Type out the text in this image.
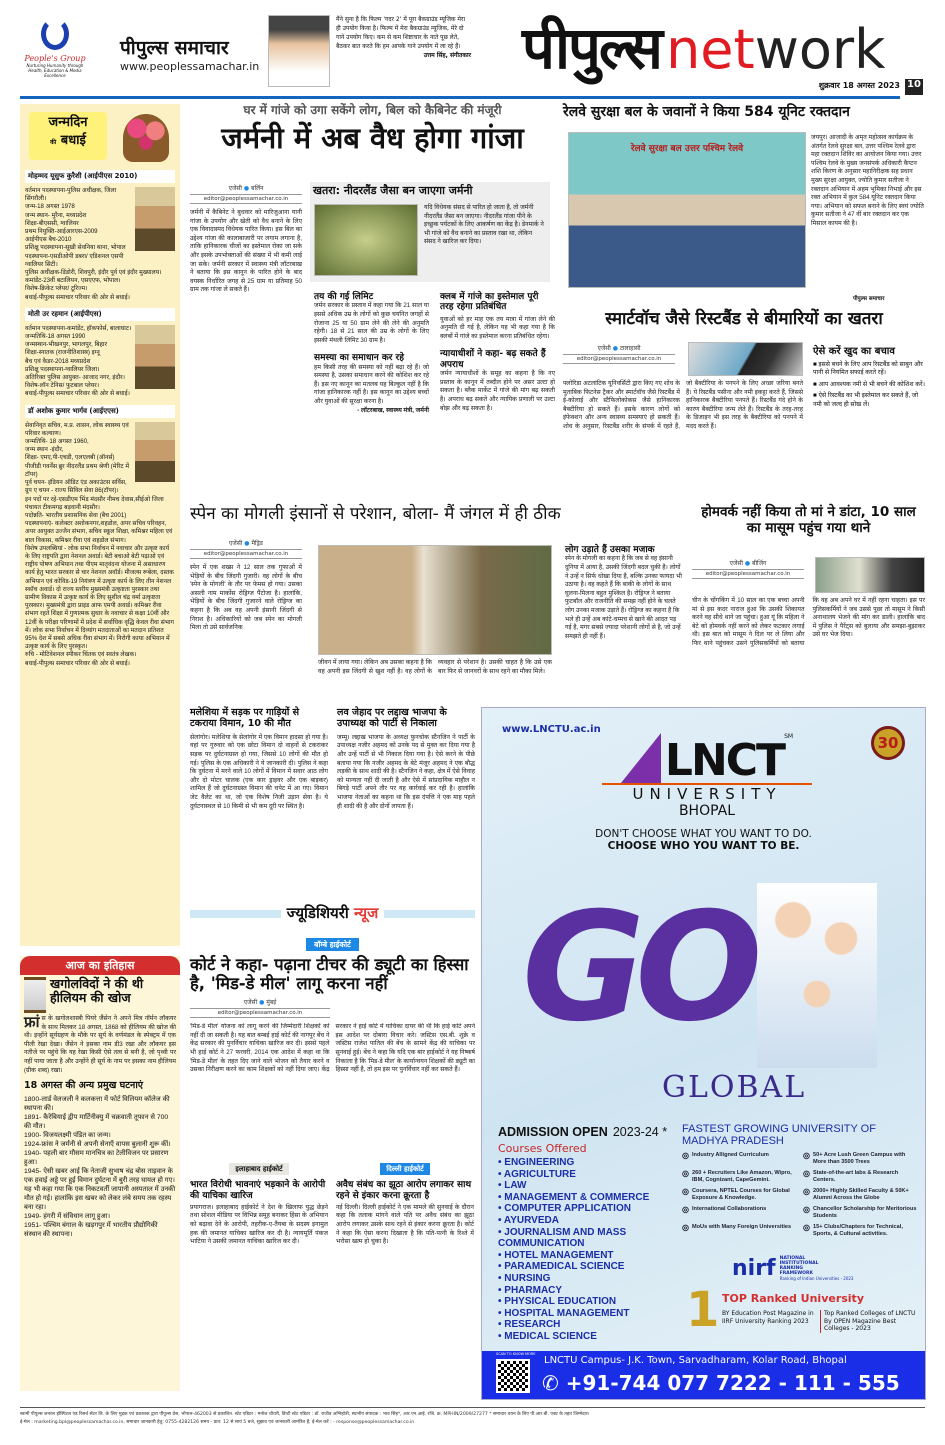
People's Group
Nurturing Humanity through Health, Education & Media Excellence
पीपुल्स समाचार
www.peoplessamachar.in
मैंने सुना है कि फिल्म 'गदर 2' में पूरा बैकग्राउंड म्यूजिक मेरा ही उपयोग किया है। फिल्म में मेरा बैकग्राउंड म्यूजिक, मेरे दो गाने उपयोग किए। कम से कम शिष्टाचार के नाते पूछ लेते, बैठकर बात करते कि हम आपके गाने उपयोग में ला रहे हैं।
उत्तम सिंह, संगीतकार पीपुल्स network
शुक्रवार 18 अगस्त 2023 10
जन्मदिन
की बधाई
मोहम्मद यूसुफ कुरैशी (आईपीएस 2010)
वर्तमान पदस्थापना-पुलिस अधीक्षक, जिला सिंगरौली।
जन्म-18 अगस्त 1978
जन्म स्थान- मुरैना, मध्यप्रदेश
शिक्षा-बीएससी, ग्वालियर
प्रथम नियुक्ति-आईआरएस-2009
आईपीएस बैच-2010
प्रशिक्षु पदस्थापना-सूखी सेवनिया थाना, भोपाल
पदस्थापना-एसडीओपी डबरा/ एडिशनल एसपी ग्वालियर सिटी।
पुलिस अधीक्षक-डिंडोरी, शिवपुरी, इंदौर पूर्व एवं इंदौर मुख्यालय।
कमांडेंट-23वीं बटालियन, एसएएफ, भोपाल।
विशेष-क्रिकेट प्लेयर/ टूरिज्म।
बधाई-पीपुल्स समाचार परिवार की ओर से बधाई।
मोती उर रहमान (आईपीएस)
वर्तमान पदस्थापना-कमांडेंट, हॉकफोर्स, बालाघाट।
जन्मतिथि-18 अगस्त 1990
जन्मस्थान-भीखनपुर, भागलपुर, बिहार
शिक्षा-स्नातक (राजनीतिशास्त्र) इग्नू
बैच एवं कैडर-2018 मध्यप्रदेश
प्रशिक्षु पदस्थापना-ग्वालियर जिला।
अतिरिक्त पुलिस आयुक्त- आजाद नगर, इंदौर।
विशेष-लॉन टेनिस/ फुटबाल प्लेयर।
बधाई-पीपुल्स समाचार परिवार की ओर से बधाई।
डॉ अशोक कुमार भार्गव (आईएएस)
सेवानिवृत सचिव, म.प्र. शासन, लोक स्वास्थ्य एवं परिवार कल्याण।
जन्मतिथि- 18 अगस्त 1960,
जन्म स्थान -इंदौर,
शिक्षा- एमए,पी-एचडी, एलएलबी (ऑनर्स) पीजीडी गवर्नेंस ब्रुर नीदरलैंड प्रथम श्रेणी (मेरिट में टॉपर)
पूर्व चयन- इंडियन ऑडिट एंड अकाउंटस सर्विस, ग्रुप ए चयन - राज्य सिविल सेवा 86(टॉपर)।
इन पदों पर रहे-एसडीएम भिंड मंदसौर नीमच देवास,सीईओ जिला पंचायत टीकमगढ़ बड़वानी मंदसौर।
पदोन्नति- भारतीय प्रशासनिक सेवा (बैच 2001)
पदस्थापनाएं- कलेक्टर अशोकनगर,शहडोल, अपर सचिव परिवहन, अपर आयुक्त उज्जैन संभाग, सचिव स्कूल शिक्षा, कमिश्नर महिला एवं बाल विकास, कमिश्नर रीवा एवं शहडोल संभाग।
विशेष उपलब्धियां - लोक सभा निर्वाचन में नवाचार और उत्कृष्ट कार्य के लिए राष्ट्रपति द्वारा नेशनल अवार्ड। बेटी बचाओ बेटी पढ़ाओ एवं राष्ट्रीय पोषण अभियान तथा पीएम मातृवंदना योजना में असाधारण कार्य हेतु भारत सरकार से चार नेशनल अवॉर्ड। मीजल्स रूबेला, दस्तक अभियान एवं कोविड-19 नियंत्रण में उत्कृष्ट कार्य के लिए तीन नेशनल स्कॉच अवार्ड। दो राज्य स्तरीय मुख्यमंत्री उत्कृष्टता पुरस्कार तथा ग्रामीण विकास में उत्कृष्ट कार्य के लिए सुशील चंद्र वर्मा उत्कृष्टता पुरस्कार। मुख्यमंत्री द्वारा प्राइड आफ एमपी अवार्ड। कमिश्नर रीवा संभाग रहते शिक्षा में गुणात्मक सुधार के नवाचार से कक्षा 10वीं और 12वीं के परीक्षा परिणामों में प्रदेश में सर्वाधिक वृद्धि केवल रीवा संभाग में। लोक सभा निर्वाचन में दिव्यांग मतदाताओं का मतदान प्रतिशत 95% देश में सबसे अधिक रीवा संभाग में। निरोगी काया अभियान में उत्कृष्ट कार्य के लिए पुरस्कृत।
रुचि - मोटिवेशनल स्पीकर चिंतक एवं स्वतंत्र लेखक।
बधाई-पीपुल्स समाचार परिवार की ओर से बधाई।
आज का इतिहास
खगोलविदों ने की थी हीलियम की खोज
फ्रां स के खगोलशास्त्री पियरे जैंसेन ने अपने मित्र नॉर्मन लॉकयर के साथ मिलकर 18 अगस्त, 1868 को हीलियम की खोज की थी। इन्होंने सूर्यग्रहण के मौके पर सूर्य के वर्णमंडल के स्पेक्ट्रम में एक पीली रेखा देखा। जैंसेन ने इसका नाम डी3 रखा और लॉकयर इस नतीजे पर पहुंचे कि यह रेखा किसी ऐसे तत्व से बनी है, जो पृथ्वी पर नहीं पाया जाता है और उन्होंने ही सूर्य के नाम पर इसका नाम हीलियम (ग्रीक शब्द) रखा।
18 अगस्त की अन्य प्रमुख घटनाएं
1800-लार्ड वेलजली ने कलकत्ता में फोर्ट विलियम कॉलेज की स्थापना की।
1891- कैरेबियाई द्वीप मार्टिनीक्यु में चक्रवाती तूफान से 700 की मौत।
1900- विजयलक्ष्मी पंडित का जन्म।
1924-फ्रांस ने जर्मनी से अपनी सेनाएँ वापस बुलानी शुरू कीं।
1940- पहली बार मौसम मानचित्र का टेलीविजन पर प्रसारण हुआ।
1945- ऐसी खबर आई कि नेताजी सुभाष चंद्र बोस ताइवान के एक हवाई अड्डे पर हुई विमान दुर्घटना में बुरी तरह घायल हो गए। यह भी कहा गया कि एक निकटवर्ती जापानी अस्पताल में उनकी मौत हो गई। हालांकि इस खबर को लेकर लंबे समय तक रहस्य बना रहा।
1949- हंगरी में संविधान लागू हुआ।
1951- पश्चिम बंगाल के खड़गपुर में भारतीय प्रौद्योगिकी संस्थान की स्थापना।
घर में गांजे को उगा सकेंगे लोग, बिल को कैबिनेट की मंजूरी
जर्मनी में अब वैध होगा गांजा
एजेंसी ● बर्लिन
editor@peoplessamachar.co.in
जर्मनी में कैबिनेट ने बुधवार को मारिजुआना यानी गांजा के उपयोग और खेती को वैध बनाने के लिए एक विवादास्पद विधेयक पारित किया। इस बिल का उद्देश्य गांजा की कालाबाजारी पर लगाम लगाना है, ताकि हानिकारक चीजों का इस्तेमाल रोका जा सके और इसके उपभोक्ताओं की संख्या में भी कमी लाई जा सके। जर्मनी सरकार में स्वास्थ्य मंत्री लॉटरबाख ने बताया कि इस कानून के पारित होने के बाद वयस्क निर्धारित जगह से 25 ग्राम या प्रतिमाह 50 ग्राम तक गांजा ले सकते हैं।
खतरा: नीदरलैंड जैसा बन जाएगा जर्मनी
यदि विधेयक संसद से पारित हो जाता है, तो जर्मनी नीदरलैंड जैसा बन जाएगा। नीदरलैंड गांजा पीने के इच्छुक पर्यटकों के लिए आकर्षण का केंद्र है। डेनमार्क ने भी गांजे को वैध बनाने का प्रस्ताव रखा था, लेकिन संसद ने खारिज कर दिया।
तय की गई लिमिट
जर्मन सरकार के प्रस्ताव में कहा गया कि 21 साल या इससे अधिक उम्र के लोगों को कुछ चयनित जगहों से रोजाना 25 या 50 ग्राम लेने की लेने की अनुमति रहेगी। 18 से 21 साल की उम्र के लोगों के लिए इसकी मंथली लिमिट 30 ग्राम है।
समस्या का समाधान कर रहे
हम किसी तरह की समस्या को नहीं बढ़ा रहे हैं। जो समस्या है, उसका समाधान करने की कोशिश कर रहे हैं। इस नए कानून का मतलब यह बिल्कुल नहीं है कि गांजा हानिकारक नहीं है। इस कानून का उद्देश्य बच्चों और युवाओं की सुरक्षा करना है।
- लॉटरबाख, स्वास्थ्य मंत्री, जर्मनी
क्लब में गांजे का इस्तेमाल पूरी तरह रहेगा प्रतिबंधित
युवाओं को हर माह एक तय मात्रा में गांजा लेने की अनुमति दी गई है, लेकिन यह भी कहा गया है कि क्लबों में गांजे का इस्तेमाल करना प्रतिबंधित रहेगा।
न्यायाधीशों ने कहा- बढ़ सकते हैं अपराध
जर्मन न्यायाधीशों के समूह का कहना है कि नए प्रस्ताव के कानून में तब्दील होने पर असर उल्टा हो सकता है। ब्लैक मार्केट में गांजे की मांग बढ़ सकती है। अपराध बढ़ सकते और न्यायिक प्रणाली पर उल्टा बोझ और बढ़ सकता है।
रेलवे सुरक्षा बल के जवानों ने किया 584 यूनिट रक्तदान
रेलवे सुरक्षा बल उत्तर पश्चिम रेलवे
जयपुर। आजादी के अमृत महोत्सव कार्यक्रम के अंतर्गत रेलवे सुरक्षा बल, उत्तर पश्चिम रेलवे द्वारा महा रक्तदान शिविर का आयोजन किया गया। उत्तर पश्चिम रेलवे के मुख्य जनसंपर्क अधिकारी कैप्टन शशि किरण के अनुसार महानिरीक्षक सह प्रधान मुख्य सुरक्षा आयुक्त, ज्योति कुमार सतीजा ने रक्तदान अभियान में अहम भूमिका निभाई और इस रक्त अभियान में कुल 584 यूनिट रक्तदान किया गया। अभियान को सफल बनाने के लिए स्वयं ज्योति कुमार सतीजा ने 47 वीं बार रक्तदान कर एक मिसाल कायम की है।
पीपुल्स समाचार
स्मार्टवॉच जैसे रिस्टबैंड से बीमारियों का खतरा
एजेंसी ● टालाहासी
editor@peoplessamachar.co.in
फ्लोरिडा अटलांटिक यूनिवर्सिटी द्वारा किए गए शोध के मुताबिक फिटनेस ट्रैकर और स्मार्टवॉच जैसे रिस्टबैंड में ई-कोलाई और स्टैफिलोकोकस जैसे हानिकारक बैक्टीरिया हो सकते हैं। इसके कारण लोगों को इंफेक्शन और अन्य स्वास्थ्य समस्याएं हो सकती हैं। शोध के अनुसार, रिस्टबैंड शरीर के संपर्क में रहते हैं, जो बैक्टीरिया के पनपने के लिए अच्छा जरिया बनते हैं। ये रिस्टबैंड पसीना और नमी इकट्ठा करते हैं, जिससे हानिकारक बैक्टीरिया पनपते हैं। रिस्टबैंड गंदे होने के कारण बैक्टीरिया जन्म लेते हैं। रिस्टबैंड के तरह-तरह के डिजाइन भी इस तरह के बैक्टीरिया को पनपने में मदद करते हैं।
ऐसे करें खुद का बचाव
■ इससे बचने के लिए आप रिस्टबैंड को साबुन और पानी से नियमित सफाई करते रहें।
■ आप आवश्यक नमी से भी बचने की कोशिश करें।
■ ऐसे रिस्टबैंड का भी इस्तेमाल कर सकते हैं, जो नमी को जल्द ही सोख लें।
स्पेन का मोगली इंसानों से परेशान, बोला- मैं जंगल में ही ठीक
एजेंसी ● मैड्रिड
editor@peoplessamachar.co.in
स्पेन में एक शख्स ने 12 साल तक गुफाओं में भेड़ियों के बीच जिंदगी गुजारी। वह लोगों के बीच 'स्पेन के मोगली' के तौर पर फेमस हो गया। उसका असली नाम मार्कोस रोड्रिग्ज पैंटोजा है। हालांकि, भेड़ियों के बीच जिंदगी गुजारने वाले रोड्रिग्ज का कहना है कि अब वह अपनी इंसानी जिंदगी से निराश है। अधिकारियों को जब स्पेन का मोगली मिला तो उसे सार्वजनिक
जीवन में लाया गया। लेकिन अब उसका कहना है कि वह अपनी इस जिंदगी से खुश नहीं है। वह लोगों के व्यवहार से परेशान है। उसकी चाहत है कि उसे एक बार फिर से जानवरों के साथ रहने का मौका मिले।
लोग उड़ाते हैं उसका मजाक
स्पेन के मोगली का कहना है कि जब से वह इंसानी दुनिया में आया है, उसकी जिंदगी बदल चुकी है। लोगों ने उन्हें न सिर्फ धोखा दिया है, बल्कि उनका फायदा भी उठाया है। वह कहते हैं कि बाकी के लोगों के साथ घुलना-मिलना बहुत मुश्किल है। रोड्रिग्ज ने बताया फुटबॉल और राजनीति की समझ नहीं होने के चलते लोग उनका मजाक उड़ाते हैं। रोड्रिग्ज का कहना है कि भले ही उन्हें अब कांटे-चम्मच से खाने की आदत पड़ गई है, मगर सबसे ज्यादा परेशानी लोगों से है, जो उन्हें समझते ही नहीं हैं।
होमवर्क नहीं किया तो मां ने डांटा, 10 साल का मासूम पहुंच गया थाने
एजेंसी ● बीजिंग
editor@peoplessamachar.co.in
चीन के चोंगकिंग में 10 साल का एक बच्चा अपनी मां से इस कदर नाराज हुआ कि उसकी शिकायत करने वह सीधे थाने जा पहुंचा। हुआ यूं कि महिला ने बेटे को होमवर्क नहीं करने को लेकर फटकार लगाई थी। इस बात को मासूम ने दिल पर ले लिया और फिर थाने पहुंचकर उसने पुलिसकर्मियों को बताया कि वह अब अपने घर में नहीं रहना चाहता। इस पर पुलिसकर्मियों ने जब उससे पूछा तो मासूम ने किसी अनाथालय भेजने की मांग कर डाली। हालांकि बाद में पुलिस ने पैरेंट्स को बुलाया और समझा-बुझाकर उसे घर भेज दिया।
मलेशिया में सड़क पर गाड़ियों से टकराया विमान, 10 की मौत
सेलांगोर। मलेशिया के सेलांगोर में एक विमान हादसा हो गया है। वहां पर गुरुवार को एक छोटा विमान दो वाहनों से टकराकर सड़क पर दुर्घटनाग्रस्त हो गया, जिससे 10 लोगों की मौत हो गई। पुलिस के एक अधिकारी ने ये जानकारी दी। पुलिस ने कहा कि दुर्घटना में मरने वाले 10 लोगों में विमान में सवार आठ लोग और दो मोटर चालक (एक कार ड्राइवर और एक बाइकर) शामिल हैं जो दुर्घटनाग्रस्त विमान की चपेट में आ गए। विमान जेट वैलेट का था, जो एक विशेष निजी उड़ान सेवा है। ये दुर्घटनास्थल से 10 किमी से भी कम दूरी पर स्थित है।
लव जेहाद पर लद्दाख भाजपा के उपाध्यक्ष को पार्टी से निकाला
जम्मू। लद्दाख भाजपा के अध्यक्ष फुनचोक स्टैनजिन ने पार्टी के उपाध्यक्ष नजीर अहमद को उनके पद से मुक्त कर दिया गया है और उन्हें पार्टी से भी निकाल दिया गया है। ऐसे करने के पीछे बताया गया कि नजीर अहमद के बेटे मंजूर अहमद ने एक बौद्ध लड़की के साथ शादी की है। स्टैनजिन ने कहा, क्षेत्र में ऐसे विवाह को मान्यता नहीं दी जाती है और ऐसे में सांप्रदायिक माहौल न बिगड़े पार्टी अपने तौर पर यह कार्रवाई कर रही है। हालांकि भाजपा नेताओं का कहना था कि इस दंपत्ति ने एक माह पहले ही शादी की है और दोनों लापता हैं।
ज्यूडिशियरी न्यूज
बॉम्बे हाईकोर्ट
कोर्ट ने कहा- पढ़ाना टीचर की ड्यूटी का हिस्सा है, 'मिड-डे मील' लागू करना नहीं
एजेंसी ● मुंबई
editor@peoplessamachar.co.in
'मिड-डे मील' योजना को लागू करने की जिम्मेदारी शिक्षकों को नहीं दी जा सकती है। यह बात बम्बई हाई कोर्ट की नागपुर बेंच ने केंद्र सरकार की पुनर्विचार याचिका खारिज कर दी। इससे पहले भी हाई कोर्ट ने 27 फरवरी, 2014 एक आदेश में कहा था कि 'मिड-डे मील' के तहत दिए जाने वाले भोजन को तैयार करने व उसका निरीक्षण करने का काम शिक्षकों को नहीं दिया जाए। केंद्र सरकार ने हाई कोर्ट में याचिका दायर की थी कि हाई कोर्ट अपने इस आदेश पर दोबारा विचार करे। जस्टिस एस.बी. शुक्रे व जस्टिस राजेश पातिल की बेंच के सामने केंद्र की याचिका पर सुनवाई हुई। बेंच ने कहा कि यदि एक बार हाईकोर्ट ने यह निष्कर्ष निकाला है कि 'मिड-डे मील' के कार्यान्वयन शिक्षकों की ड्यूटी का हिस्सा नहीं है, तो हम इस पर पुनर्विचार नहीं कर सकते हैं।
इलाहाबाद हाईकोर्ट
भारत विरोधी भावनाएं भड़काने के आरोपी की याचिका खारिज
प्रयागराज। इलाहाबाद हाईकोर्ट ने देश के खिलाफ युद्ध छेड़ने तथा सोशल मीडिया पर विभिन्न समूह बनाकर हिंसा के अभियान को बढ़ावा देने के आरोपी, तहरीक-ए-तैयबा के सदस्य इनामुल हक की जमानत याचिका खारिज कर दी है। न्यायमूर्ति पंकज भाटिया ने उसकी जमानत याचिका खारिज कर दी।
दिल्ली हाईकोर्ट
अवैध संबंध का झूठा आरोप लगाकर साथ रहने से इंकार करना क्रूरता है
नई दिल्ली। दिल्ली हाईकोर्ट ने एक मामले की सुनवाई के दौरान कहा कि तलाक मांगने वाले पति पर अवैध संबंध का झूठा आरोप लगाकर उसके साथ रहने से इंकार करना क्रूरता है। कोर्ट ने कहा कि ऐसा करना दिखाता है कि पति-पत्नी के रिश्ते में भरोसा खत्म हो चुका है।
www.LNCTU.ac.in
30
LNCT SM
UNIVERSITY
BHOPAL
DON'T CHOOSE WHAT YOU WANT TO DO.
CHOOSE WHO YOU WANT TO BE.
GO
GLOBAL
ADMISSION OPEN 2023-24 *
Courses Offered
• ENGINEERING
• AGRICULTURE
• LAW
• MANAGEMENT & COMMERCE
• COMPUTER APPLICATION
• AYURVEDA
• JOURNALISM AND MASS COMMUNICATION
• HOTEL MANAGEMENT
• PARAMEDICAL SCIENCE
• NURSING
• PHARMACY
• PHYSICAL EDUCATION
• HOSPITAL MANAGEMENT
• RESEARCH
• MEDICAL SCIENCE
FASTEST GROWING UNIVERSITY OF MADHYA PRADESH
◎ Industry Alligned Curriculum	◎ 50+ Acre Lush Green Campus with More than 3500 Trees
◎ 260 + Recruiters Like Amazon, Wipro, IBM, Cognizant, CapeGemini.
◎ State-of-the-art labs & Research Centers.
◎ Coursera, NPTEL Courses for Global Exposure & Knowledge.
◎ 2000+ Highly Skilled Faculty & 50K+ Alumni Across the Globe
◎ International Collaborations	◎ Chancellor Scholarship for Meritorious Students
◎ MoUs with Many Foreign Universities ◎ 15+ Clubs/Chapters for Technical, Sports, & Cultural activities.
nirf NATIONAL INSTITUTIONAL RANKING FRAMEWORK
Ranking of Indian Universities - 2023
1 TOP Ranked University
BY Education Post Magazine in IIRF University Ranking 2023
Top Ranked Colleges of LNCTU By OPEN Magazine Best Colleges - 2023
SCAN TO KNOW MORE
LNCTU Campus- J.K. Town, Sarvadharam, Kolar Road, Bhopal
✆ +91-744 077 7222 - 111 - 555
स्वामी पीपुल्स जनरल हॉस्पिटल एंड रिसर्च सेंटर लि. के लिए मुद्रक एवं प्रकाशक द्वारा पीपुल्स प्रेस, भोपाल-462003 से प्रकाशित. स्टेट एडिटर : मनोज चौधरी, डिप्टी स्टेट एडिटर : डॉ. राजीव अग्निहोत्री, स्थानीय संपादक : भाव सिंह*, आर.एन.आई. रजि. क्र. MPHIN/2009/27277 * समाचार चयन के लिए पी.आर.बी. एक्ट के तहत जिम्मेदार।
ई-मेल : marketing.bpl@peoplessamachar.co.in, समाचार जानकारी हेतु: 0755-4282126 समय - प्रात: 12 से सायं 5 बजे, सुझाव एवं जानकारी आमंत्रित हैं, ई-मेल करें : - response@peoplessamachar.co.in
